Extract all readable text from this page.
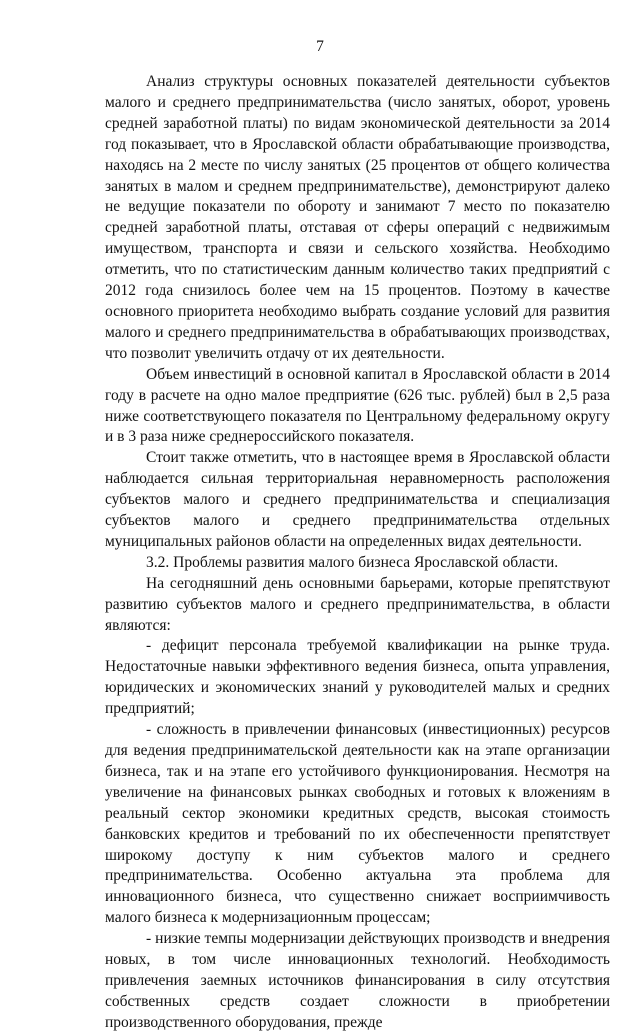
7

Анализ структуры основных показателей деятельности субъектов малого и среднего предпринимательства (число занятых, оборот, уровень средней заработной платы) по видам экономической деятельности за 2014 год показывает, что в Ярославской области обрабатывающие производства, находясь на 2 месте по числу занятых (25 процентов от общего количества занятых в малом и среднем предпринимательстве), демонстрируют далеко не ведущие показатели по обороту и занимают 7 место по показателю средней заработной платы, отставая от сферы операций с недвижимым имуществом, транспорта и связи и сельского хозяйства. Необходимо отметить, что по статистическим данным количество таких предприятий с 2012 года снизилось более чем на 15 процентов. Поэтому в качестве основного приоритета необходимо выбрать создание условий для развития малого и среднего предпринимательства в обрабатывающих производствах, что позволит увеличить отдачу от их деятельности.

Объем инвестиций в основной капитал в Ярославской области в 2014 году в расчете на одно малое предприятие (626 тыс. рублей) был в 2,5 раза ниже соответствующего показателя по Центральному федеральному округу и в 3 раза ниже среднероссийского показателя.

Стоит также отметить, что в настоящее время в Ярославской области наблюдается сильная территориальная неравномерность расположения субъектов малого и среднего предпринимательства и специализация субъектов малого и среднего предпринимательства отдельных муниципальных районов области на определенных видах деятельности.

3.2. Проблемы развития малого бизнеса Ярославской области.

На сегодняшний день основными барьерами, которые препятствуют развитию субъектов малого и среднего предпринимательства, в области являются:

- дефицит персонала требуемой квалификации на рынке труда. Недостаточные навыки эффективного ведения бизнеса, опыта управления, юридических и экономических знаний у руководителей малых и средних предприятий;

- сложность в привлечении финансовых (инвестиционных) ресурсов для ведения предпринимательской деятельности как на этапе организации бизнеса, так и на этапе его устойчивого функционирования. Несмотря на увеличение на финансовых рынках свободных и готовых к вложениям в реальный сектор экономики кредитных средств, высокая стоимость банковских кредитов и требований по их обеспеченности препятствует широкому доступу к ним субъектов малого и среднего предпринимательства. Особенно актуальна эта проблема для инновационного бизнеса, что существенно снижает восприимчивость малого бизнеса к модернизационным процессам;

- низкие темпы модернизации действующих производств и внедрения новых, в том числе инновационных технологий. Необходимость привлечения заемных источников финансирования в силу отсутствия собственных средств создает сложности в приобретении производственного оборудования, прежде
